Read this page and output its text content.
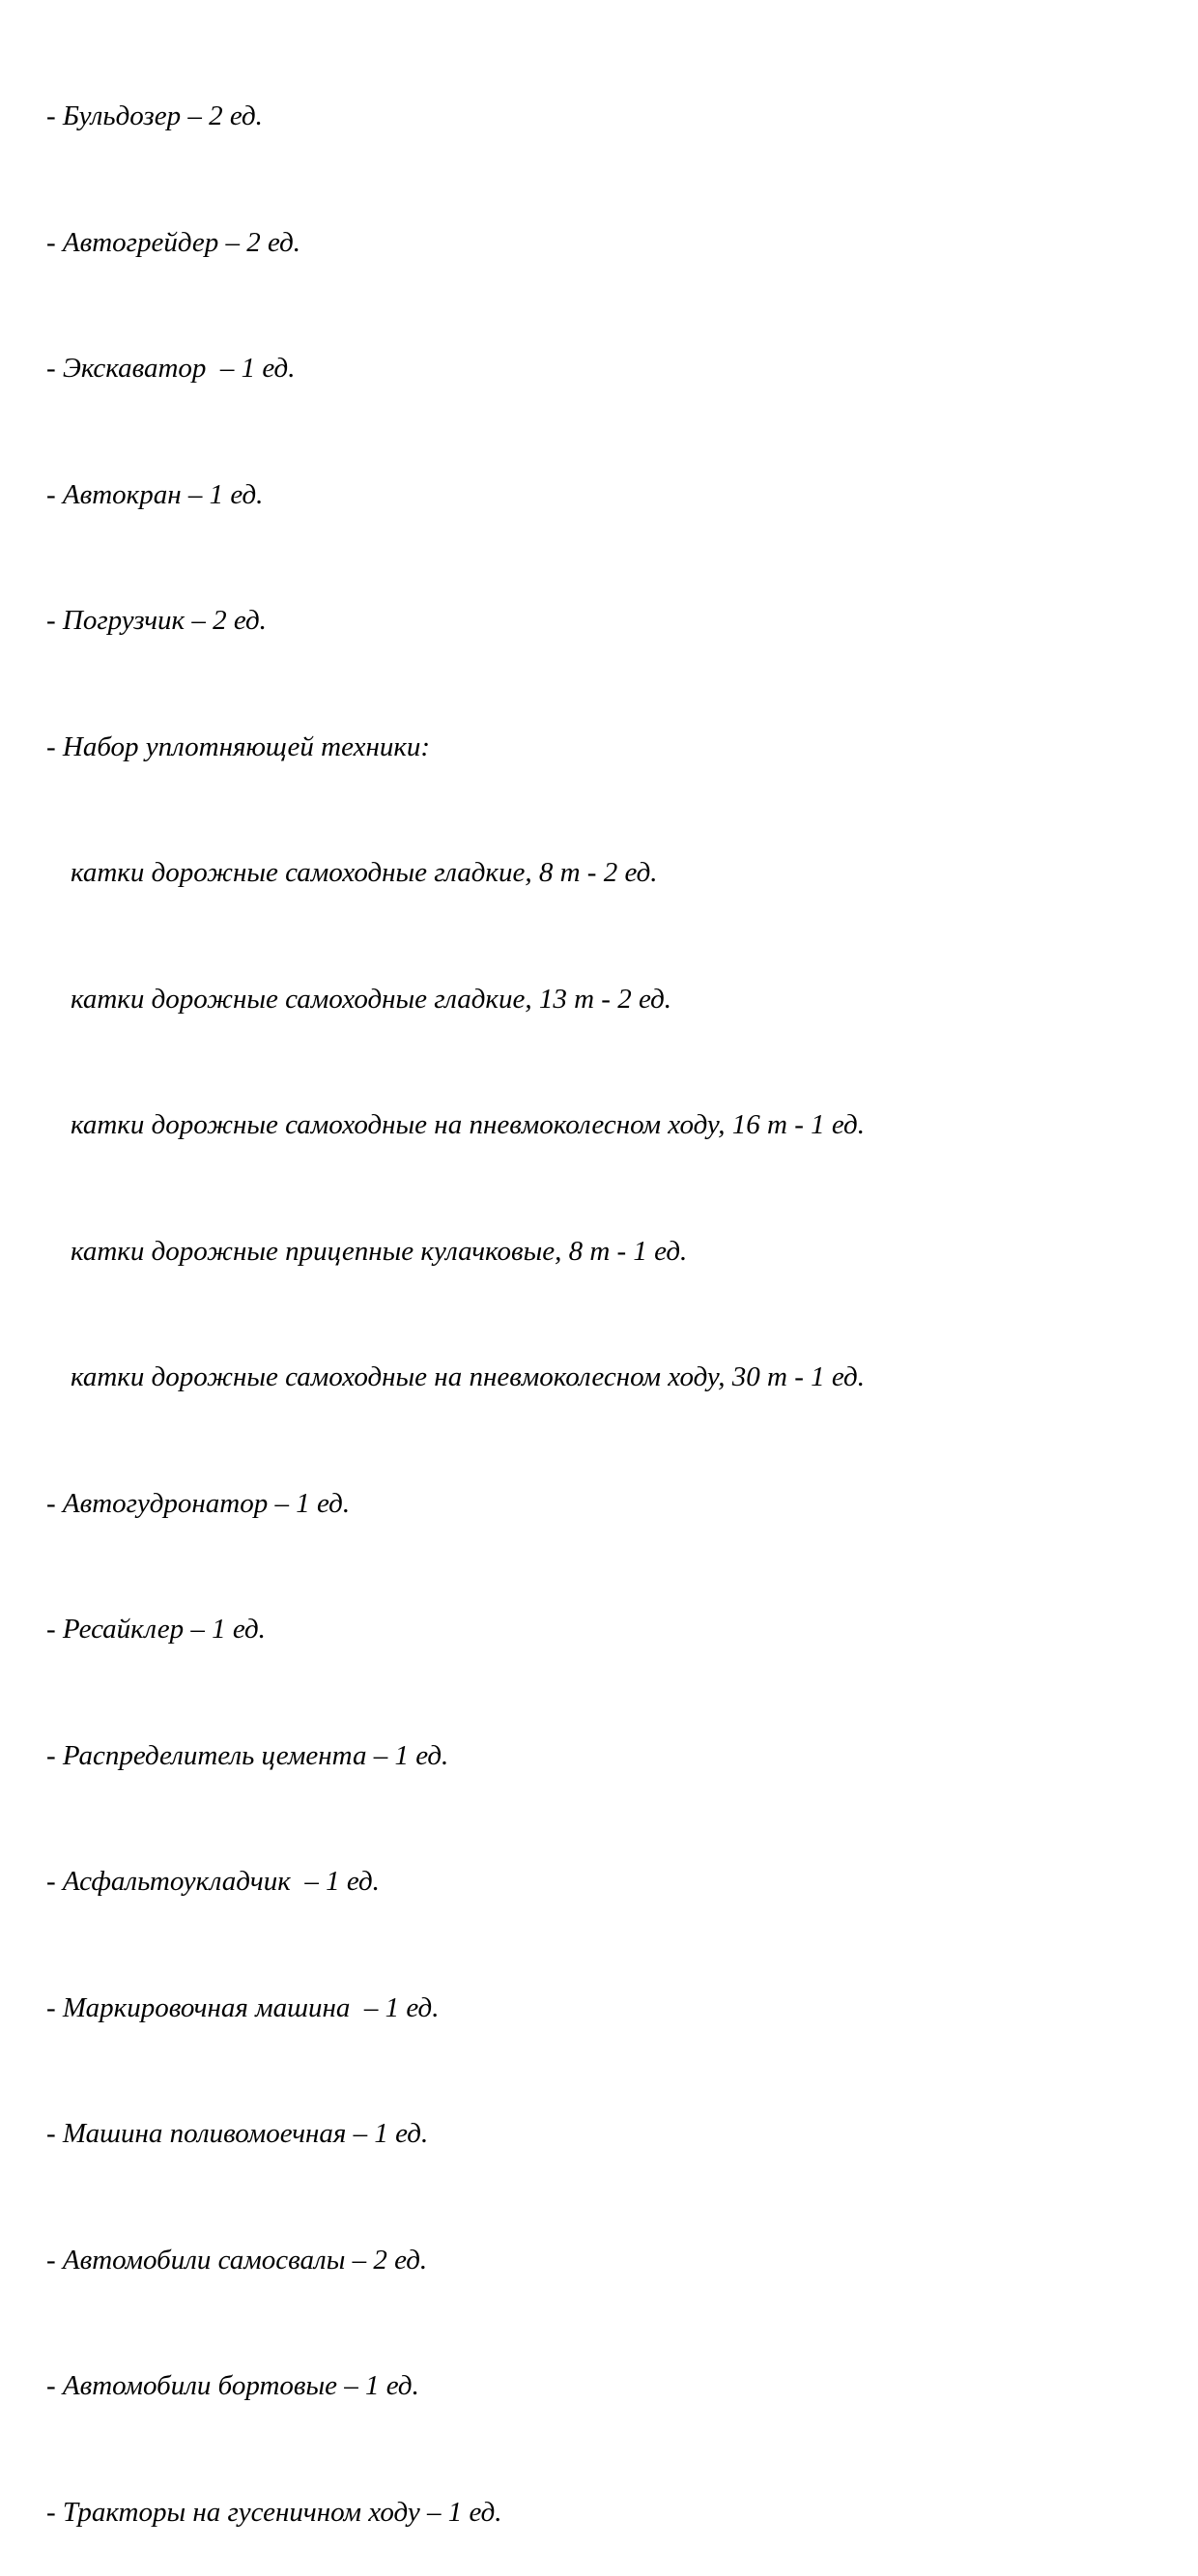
- Бульдозер – 2 ед.

- Автогрейдер – 2 ед.

- Экскаватор  – 1 ед.

- Автокран – 1 ед.

- Погрузчик – 2 ед.

- Набор уплотняющей техники:

катки дорожные самоходные гладкие, 8 т - 2 ед.

катки дорожные самоходные гладкие, 13 т - 2 ед.

катки дорожные самоходные на пневмоколесном ходу, 16 т - 1 ед.

катки дорожные прицепные кулачковые, 8 т - 1 ед.

катки дорожные самоходные на пневмоколесном ходу, 30 т - 1 ед.

- Автогудронатор – 1 ед.

- Ресайклер – 1 ед.

- Распределитель цемента – 1 ед.

- Асфальтоукладчик  – 1 ед.

- Маркировочная машина  – 1 ед.

- Машина поливомоечная – 1 ед.

- Автомобили самосвалы – 2 ед.

- Автомобили бортовые – 1 ед.

- Тракторы на гусеничном ходу – 1 ед.
